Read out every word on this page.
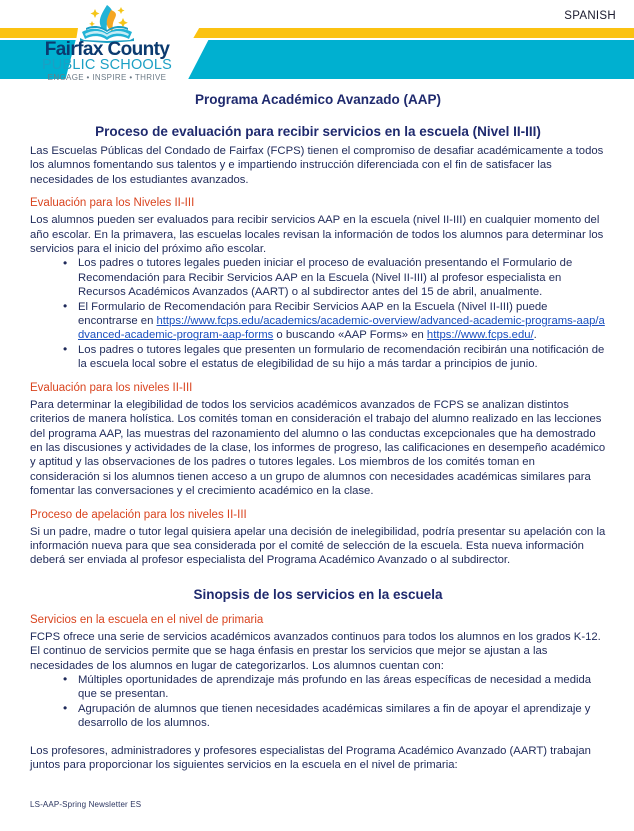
SPANISH
Fairfax County
PUBLIC SCHOOLS
ENGAGE • INSPIRE • THRIVE
Programa Académico Avanzado (AAP)
Proceso de evaluación para recibir servicios en la escuela (Nivel II-III)

Las Escuelas Públicas del Condado de Fairfax (FCPS) tienen el compromiso de desafiar académicamente a todos los alumnos fomentando sus talentos y e impartiendo instrucción diferenciada con el fin de satisfacer las necesidades de los estudiantes avanzados.

Evaluación para los Niveles II-III

Los alumnos pueden ser evaluados para recibir servicios AAP en la escuela (nivel II-III) en cualquier momento del año escolar. En la primavera, las escuelas locales revisan la información de todos los alumnos para determinar los servicios para el inicio del próximo año escolar.

• Los padres o tutores legales pueden iniciar el proceso de evaluación presentando el Formulario de Recomendación para Recibir Servicios AAP en la Escuela (Nivel II-III) al profesor especialista en Recursos Académicos Avanzados (AART) o al subdirector antes del 15 de abril, anualmente.
• El Formulario de Recomendación para Recibir Servicios AAP en la Escuela (Nivel II-III) puede encontrarse en https://www.fcps.edu/academics/academic-overview/advanced-academic-programs-aap/advanced-academic-program-aap-forms o buscando «AAP Forms» en https://www.fcps.edu/.
• Los padres o tutores legales que presenten un formulario de recomendación recibirán una notificación de la escuela local sobre el estatus de elegibilidad de su hijo a más tardar a principios de junio.
Evaluación para los niveles II-III

Para determinar la elegibilidad de todos los servicios académicos avanzados de FCPS se analizan distintos criterios de manera holística. Los comités toman en consideración el trabajo del alumno realizado en las lecciones del programa AAP, las muestras del razonamiento del alumno o las conductas excepcionales que ha demostrado en las discusiones y actividades de la clase, los informes de progreso, las calificaciones en desempeño académico y aptitud y las observaciones de los padres o tutores legales. Los miembros de los comités toman en consideración si los alumnos tienen acceso a un grupo de alumnos con necesidades académicas similares para fomentar las conversaciones y el crecimiento académico en la clase.

Proceso de apelación para los niveles II-III

Si un padre, madre o tutor legal quisiera apelar una decisión de inelegibilidad, podría presentar su apelación con la información nueva para que sea considerada por el comité de selección de la escuela. Esta nueva información deberá ser enviada al profesor especialista del Programa Académico Avanzado o al subdirector.

Sinopsis de los servicios en la escuela
Servicios en la escuela en el nivel de primaria

FCPS ofrece una serie de servicios académicos avanzados continuos para todos los alumnos en los grados K-12. El continuo de servicios permite que se haga énfasis en prestar los servicios que mejor se ajustan a las necesidades de los alumnos en lugar de categorizarlos. Los alumnos cuentan con:

• Múltiples oportunidades de aprendizaje más profundo en las áreas específicas de necesidad a medida que se presentan.
• Agrupación de alumnos que tienen necesidades académicas similares a fin de apoyar el aprendizaje y desarrollo de los alumnos.

Los profesores, administradores y profesores especialistas del Programa Académico Avanzado (AART) trabajan juntos para proporcionar los siguientes servicios en la escuela en el nivel de primaria:

LS-AAP-Spring Newsletter ES
